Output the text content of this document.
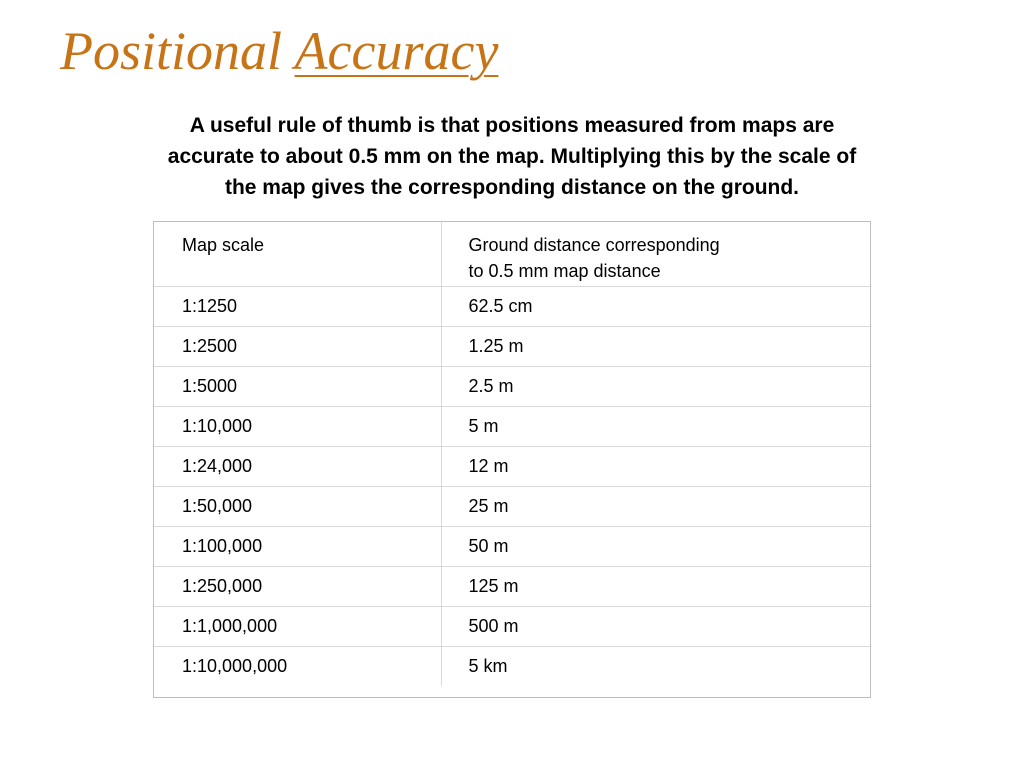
Positional Accuracy

A useful rule of thumb is that positions measured from maps are
accurate to about 0.5 mm on the map. Multiplying this by the scale of
the map gives the corresponding distance on the ground.

Map scale	Ground distance corresponding
to 0.5 mm map distance

1:1250	62.5 cm
1:2500	1.25 m
1:5000	2.5 m
1:10,000	5 m
1:24,000	12 m
1:50,000	25 m
1:100,000	50 m
1:250,000	125 m
1:1,000,000	500 m
1:10,000,000	5 km
